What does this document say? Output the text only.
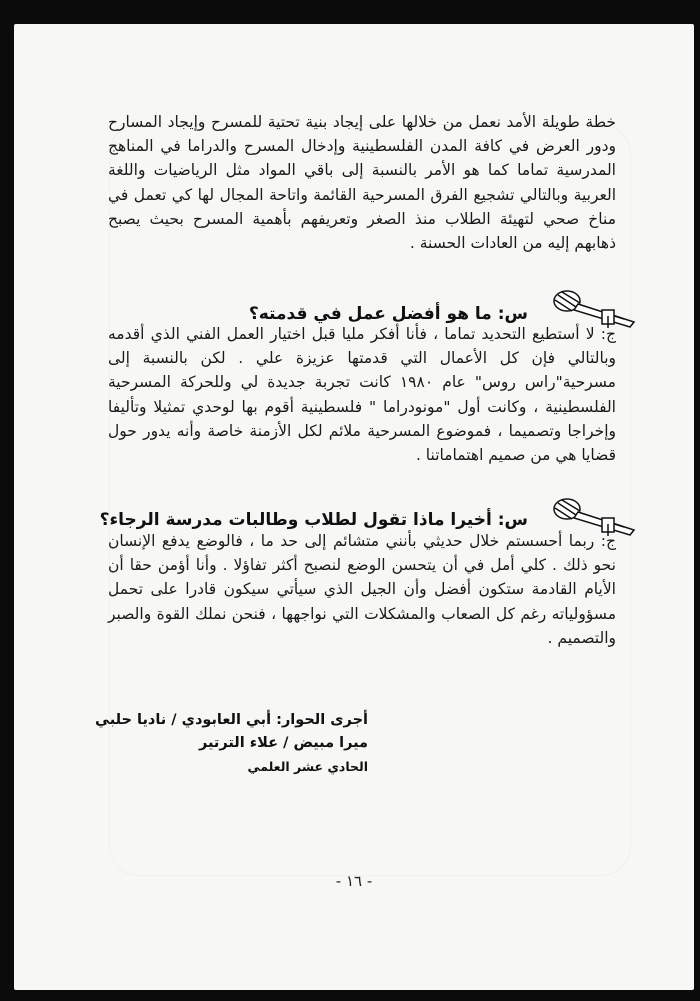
خطة طويلة الأمد نعمل من خلالها على إيجاد بنية تحتية للمسرح وإيجاد المسارح ودور العرض في كافة المدن الفلسطينية وإدخال المسرح والدراما في المناهج المدرسية تماما كما هو الأمر بالنسبة إلى باقي المواد مثل الرياضيات واللغة العربية وبالتالي تشجيع الفرق المسرحية القائمة واتاحة المجال لها كي تعمل في مناخ صحي لتهيئة الطلاب منذ الصغر وتعريفهم بأهمية المسرح بحيث يصبح ذهابهم إليه من العادات الحسنة .

س: ما هو أفضل عمل في قدمته؟

ج: لا أستطيع التحديد تماما ، فأنا أفكر مليا قبل اختيار العمل الفني الذي أقدمه وبالتالي فإن كل الأعمال التي قدمتها عزيزة علي . لكن بالنسبة إلى مسرحية"راس روس" عام ١٩٨٠ كانت تجربة جديدة لي وللحركة المسرحية الفلسطينية ، وكانت أول "مونودراما " فلسطينية أقوم بها لوحدي تمثيلا وتأليفا وإخراجا وتصميما ، فموضوع المسرحية ملائم لكل الأزمنة خاصة وأنه يدور حول قضايا هي من صميم اهتماماتنا .

س: أخيرا ماذا تقول لطلاب وطالبات مدرسة الرجاء؟

ج: ربما أحسستم خلال حديثي بأنني متشائم إلى حد ما ، فالوضع يدفع الإنسان نحو ذلك . كلي أمل في أن يتحسن الوضع لنصبح أكثر تفاؤلا . وأنا أؤمن حقا أن الأيام القادمة ستكون أفضل وأن الجيل الذي سيأتي سيكون قادرا على تحمل مسؤولياته رغم كل الصعاب والمشكلات التي نواجهها ، فنحن نملك القوة والصبر والتصميم .

أجرى الحوار: أبي العابودي / ناديا حلبي
ميرا مبيض / علاء الترتير
الحادي عشر العلمي
- ١٦ -
